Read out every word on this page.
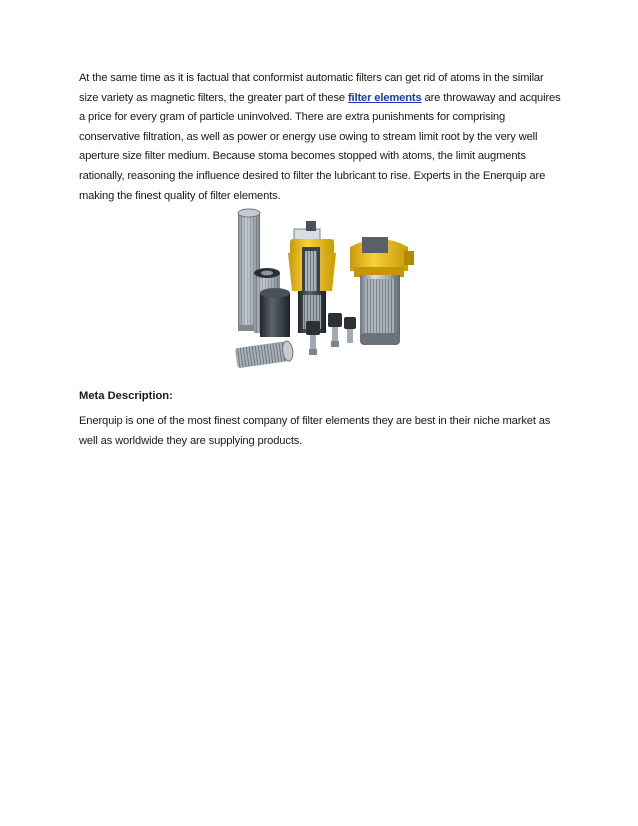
At the same time as it is factual that conformist automatic filters can get rid of atoms in the similar size variety as magnetic filters, the greater part of these filter elements are throwaway and acquires a price for every gram of particle uninvolved. There are extra punishments for comprising conservative filtration, as well as power or energy use owing to stream limit root by the very well aperture size filter medium. Because stoma becomes stopped with atoms, the limit augments rationally, reasoning the influence desired to filter the lubricant to rise. Experts in the Enerquip are making the finest quality of filter elements.

Meta Description:

Enerquip is one of the most finest company of filter elements they are best in their niche market as well as worldwide they are supplying products.
